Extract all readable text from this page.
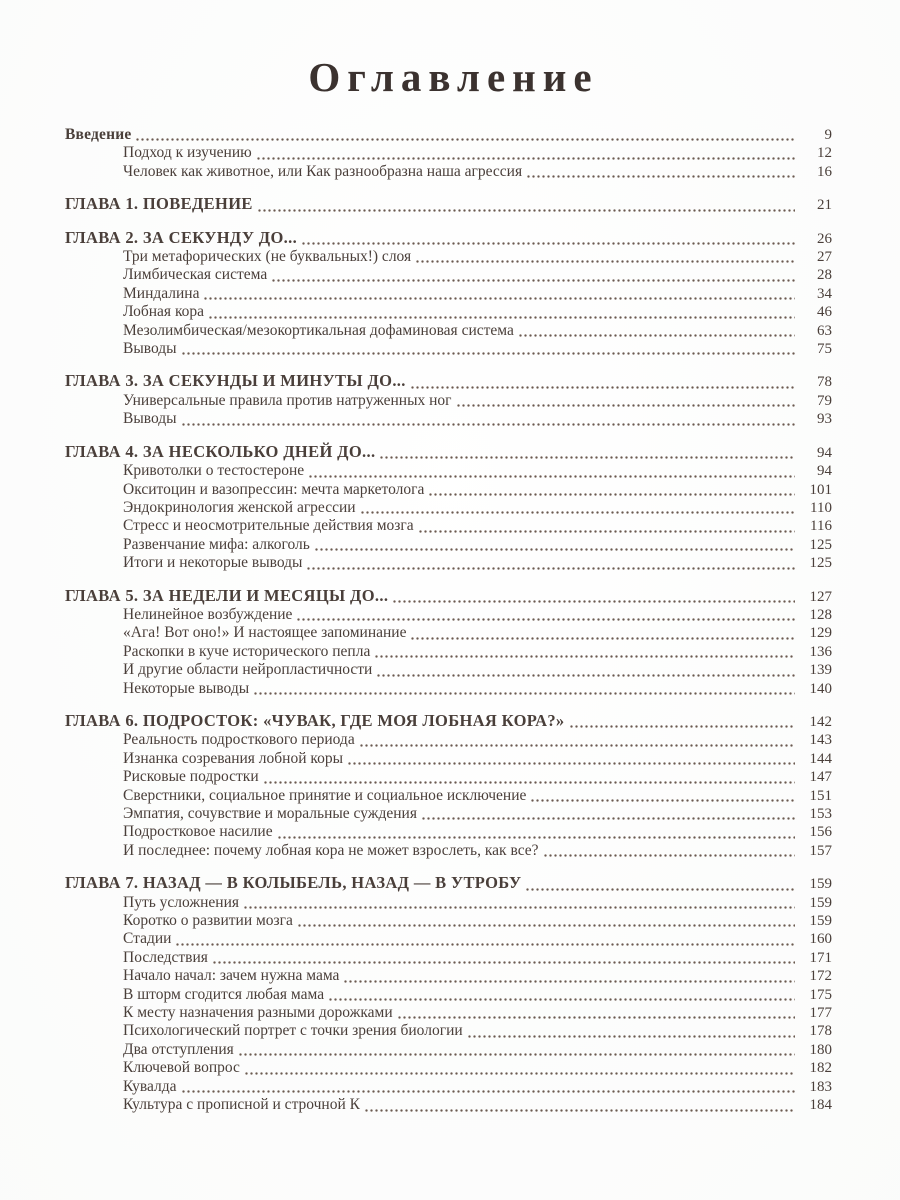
Оглавление
Введение	9
Подход к изучению	12
Человек как животное, или Как разнообразна наша агрессия	16
ГЛАВА 1. ПОВЕДЕНИЕ	21
ГЛАВА 2. ЗА СЕКУНДУ ДО...	26
Три метафорических (не буквальных!) слоя	27
Лимбическая система	28
Миндалина	34
Лобная кора	46
Мезолимбическая/мезокортикальная дофаминовая система	63
Выводы	75
ГЛАВА 3. ЗА СЕКУНДЫ И МИНУТЫ ДО...	78
Универсальные правила против натруженных ног	79
Выводы	93
ГЛАВА 4. ЗА НЕСКОЛЬКО ДНЕЙ ДО...	94
Кривотолки о тестостероне	94
Окситоцин и вазопрессин: мечта маркетолога	101
Эндокринология женской агрессии	110
Стресс и неосмотрительные действия мозга	116
Развенчание мифа: алкоголь	125
Итоги и некоторые выводы	125
ГЛАВА 5. ЗА НЕДЕЛИ И МЕСЯЦЫ ДО...	127
Нелинейное возбуждение	128
«Ага! Вот оно!» И настоящее запоминание	129
Раскопки в куче исторического пепла	136
И другие области нейропластичности	139
Некоторые выводы	140
ГЛАВА 6. ПОДРОСТОК: «ЧУВАК, ГДЕ МОЯ ЛОБНАЯ КОРА?»	142
Реальность подросткового периода	143
Изнанка созревания лобной коры	144
Рисковые подростки	147
Сверстники, социальное принятие и социальное исключение	151
Эмпатия, сочувствие и моральные суждения	153
Подростковое насилие	156
И последнее: почему лобная кора не может взрослеть, как все?	157
ГЛАВА 7. НАЗАД — В КОЛЫБЕЛЬ, НАЗАД — В УТРОБУ	159
Путь усложнения	159
Коротко о развитии мозга	159
Стадии	160
Последствия	171
Начало начал: зачем нужна мама	172
В шторм сгодится любая мама	175
К месту назначения разными дорожками	177
Психологический портрет с точки зрения биологии	178
Два отступления	180
Ключевой вопрос	182
Кувалда	183
Культура с прописной и строчной К	184
